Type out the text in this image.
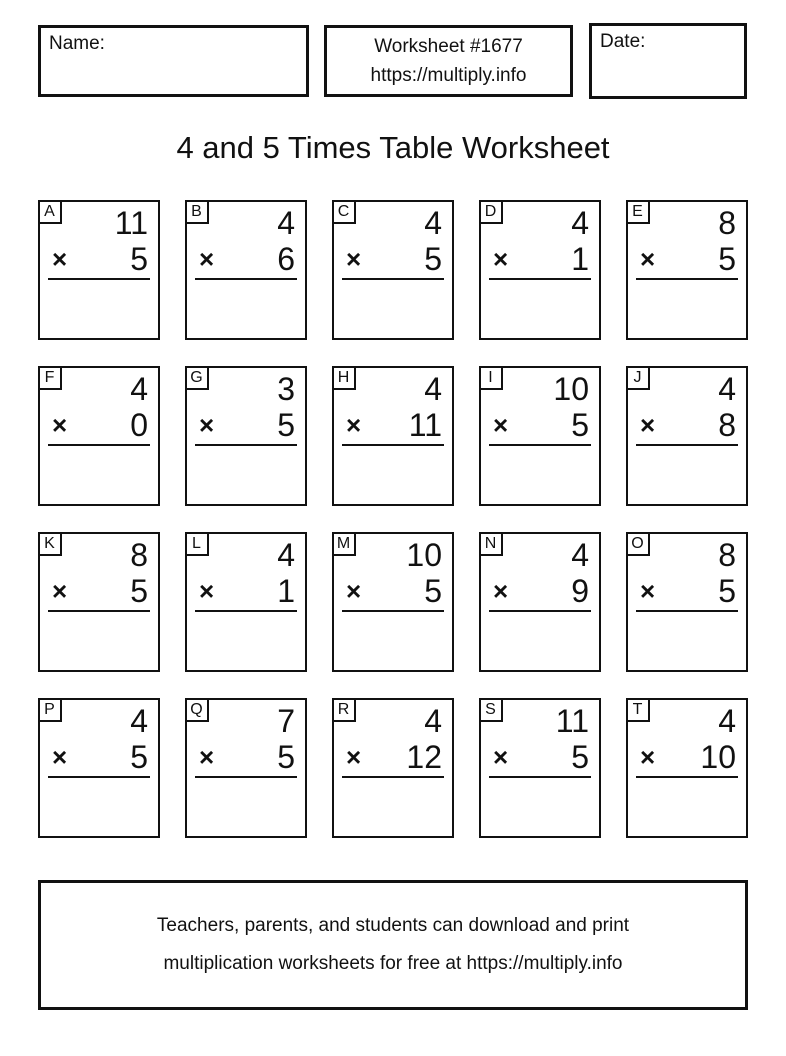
Name:	Worksheet #1677
https://multiply.info
Date:
4 and 5 Times Table Worksheet
A 11
× 5
B 4
× 6
C 4
× 5
D 4
× 1
E 8
× 5
F 4
× 0
G 3
× 5
H 4
× 11
I	10
× 5
J 4
× 8
K 8
× 5
L 4
× 1
M 10
× 5
N 4
× 9
O 8
× 5
P 4
× 5
Q 7
× 5
R 4
× 12
S 11
× 5
T 4
× 10
Teachers, parents, and students can download and print
multiplication worksheets for free at https://multiply.info
